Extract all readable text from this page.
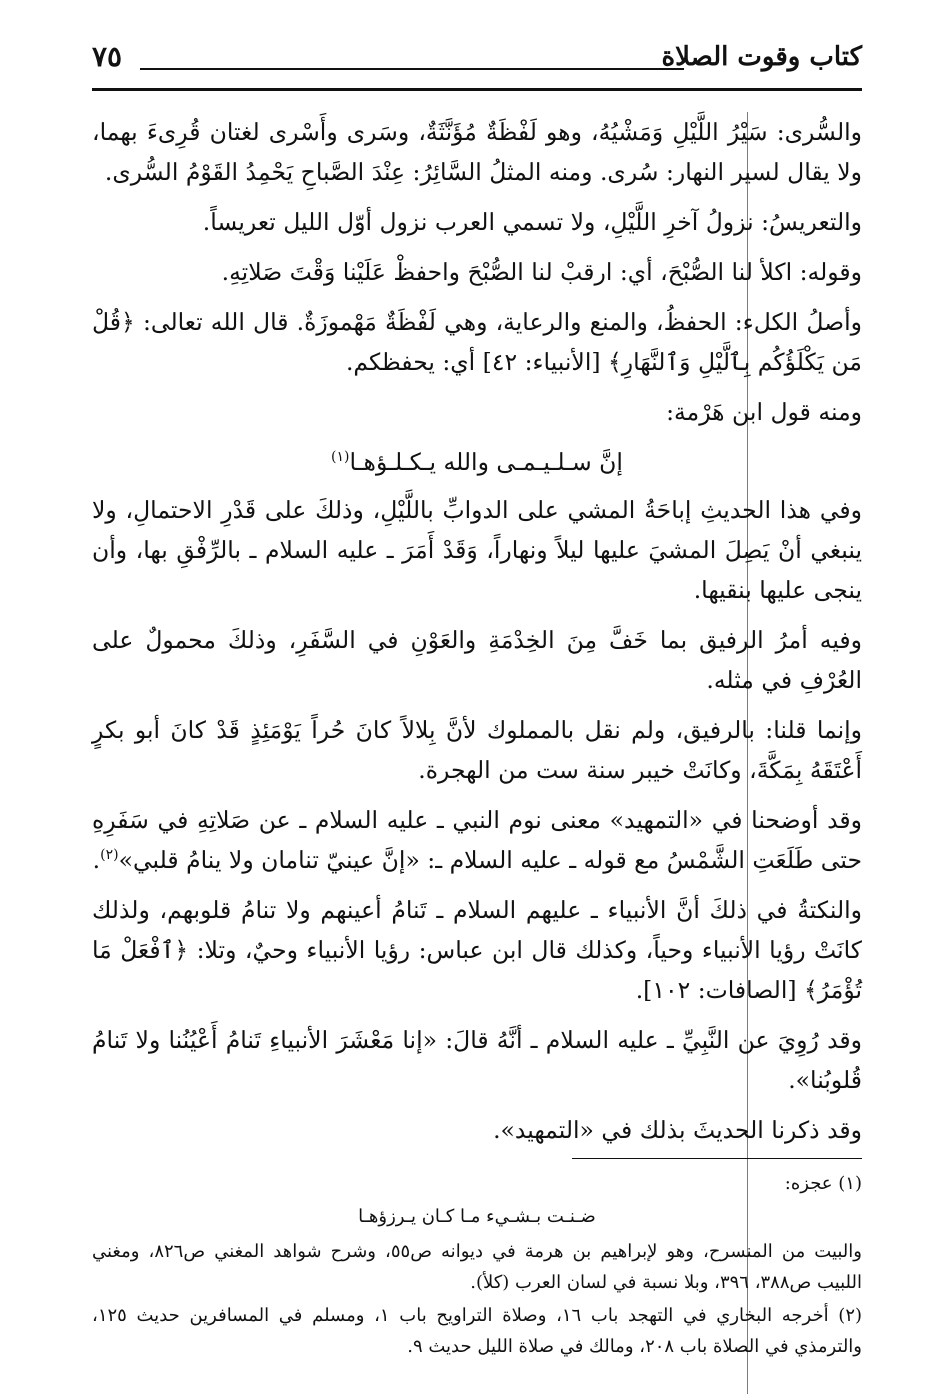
كتاب وقوت الصلاة
٧٥

والسُّرى: سَيْرُ اللَّيْلِ وَمَشْيُهُ، وهو لَفْظَةٌ مُؤَنَّثَةٌ، وسَرى وأَسْرى لغتان قُرِىءَ بهما، ولا يقال لسير النهار: سُرى. ومنه المثلُ السَّائِرُ: عِنْدَ الصَّباحِ يَحْمِدُ القَوْمُ السُّرى.

والتعريسُ: نزولُ آخرِ اللَّيْلِ، ولا تسمي العرب نزول أوّل الليل تعريساً.

وقوله: اكلأ لنا الصُّبْحَ، أي: ارقبْ لنا الصُّبْحَ واحفظْ عَلَيْنا وَقْتَ صَلاتِهِ.

وأصلُ الكلء: الحفظُ، والمنع والرعاية، وهي لَفْظَةٌ مَهْموزَةٌ. قال الله تعالى: ﴿قُلْ مَن يَكْلَؤُكُم بِٱلَّيْلِ وَٱلنَّهَارِ﴾ [الأنبياء: ٤٢] أي: يحفظكم.

ومنه قول ابن هَرْمة:

إنَّ سـلـيـمـى والله يـكـلـؤهـا$^{(١)}$

وفي هذا الحديثِ إباحَةُ المشي على الدوابِّ باللَّيْلِ، وذلكَ على قَدْرِ الاحتمالِ، ولا ينبغي أنْ يَصِلَ المشيَ عليها ليلاً ونهاراً، وَقَدْ أَمَرَ ـ عليه السلام ـ بالرِّفْقِ بها، وأن ينجى عليها بنقيها.

وفيه أمرُ الرفيق بما خَفَّ مِنَ الخِدْمَةِ والعَوْنِ في السَّفَرِ، وذلكَ محمولٌ على العُرْفِ في مثله.

وإنما قلنا: بالرفيق، ولم نقل بالمملوك لأنَّ بِلالاً كانَ حُراً يَوْمَئِذٍ قَدْ كانَ أبو بكرٍ أَعْتَقَهُ بِمَكَّةَ، وكانَتْ خيبر سنة ست من الهجرة.

وقد أوضحنا في «التمهيد» معنى نوم النبي ـ عليه السلام ـ عن صَلاتِهِ في سَفَرِهِ حتى طَلَعَتِ الشَّمْسُ مع قوله ـ عليه السلام ـ: «إنَّ عينيّ تنامان ولا ينامُ قلبي»$^{(٢)}$.

والنكتةُ في ذلكَ أنَّ الأنبياء ـ عليهم السلام ـ تَنامُ أعينهم ولا تنامُ قلوبهم، ولذلك كانَتْ رؤيا الأنبياء وحياً، وكذلك قال ابن عباس: رؤيا الأنبياء وحيٌ، وتلا: ﴿ٱفْعَلْ مَا تُؤْمَرُ﴾ [الصافات: ١٠٢].

وقد رُوِيَ عن النَّبِيِّ ـ عليه السلام ـ أنَّهُ قالَ: «إنا مَعْشَرَ الأنبياءِ تَنامُ أَعْيُنُنا ولا تَنامُ قُلوبُنا».

وقد ذكرنا الحديثَ بذلك في «التمهيد».

(١) عجزه:

ضـنـت بـشـيء مـا كـان يـرزؤهـا

والبيت من المنسرح، وهو لإبراهيم بن هرمة في ديوانه ص٥٥، وشرح شواهد المغني ص٨٢٦، ومغني اللبيب ص٣٨٨، ٣٩٦، وبلا نسبة في لسان العرب (كلأ).

(٢) أخرجه البخاري في التهجد باب ١٦، وصلاة التراويح باب ١، ومسلم في المسافرين حديث ١٢٥، والترمذي في الصلاة باب ٢٠٨، ومالك في صلاة الليل حديث ٩.
